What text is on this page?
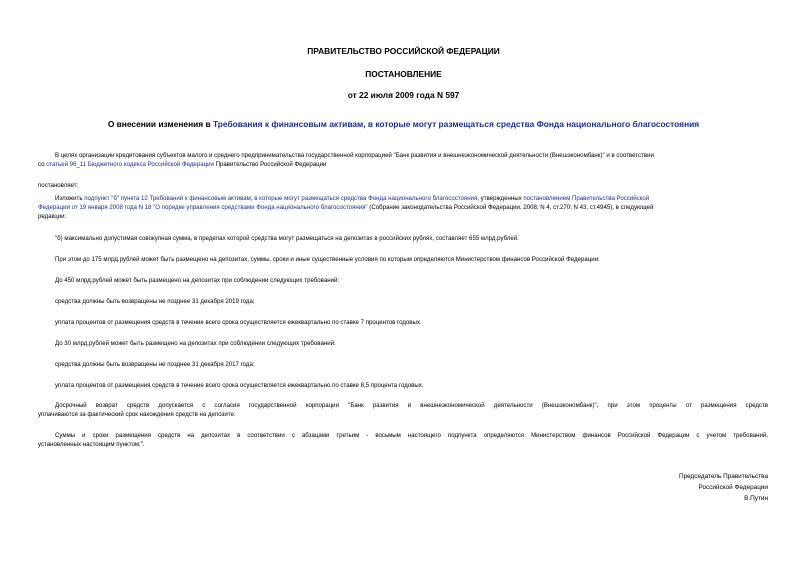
ПРАВИТЕЛЬСТВО РОССИЙСКОЙ ФЕДЕРАЦИИ
ПОСТАНОВЛЕНИЕ
от 22 июля 2009 года N 597
О внесении изменения в Требования к финансовым активам, в которые могут размещаться средства Фонда национального благосостояния
В целях организации кредитования субъектов малого и среднего предпринимательства государственной корпорацией "Банк развития и внешнеэкономической деятельности (Внешэкономбанк)" и в соответствии
со статьей 96_11 Бюджетного кодекса Российской Федерации Правительство Российской Федерации
постановляет:
Изложить подпункт "б" пункта 12 Требований к финансовым активам, в которые могут размещаться средства Фонда национального благосостояния, утвержденных постановлением Правительства Российской
Федерации от 19 января 2008 года N 18 "О порядке управления средствами Фонда национального благосостояния" (Собрание законодательства Российской Федерации, 2008, N 4, ст.270; N 43, ст.4945), в следующей
редакции:
"б) максимально допустимая совокупная сумма, в пределах которой средства могут размещаться на депозитах в российских рублях, составляет 655 млрд.рублей.
При этом до 175 млрд.рублей может быть размещено на депозитах, суммы, сроки и иные существенные условия по которым определяются Министерством финансов Российской Федерации.
До 450 млрд.рублей может быть размещено на депозитах при соблюдении следующих требований:
средства должны быть возвращены не позднее 31 декабря 2019 года;
уплата процентов от размещения средств в течение всего срока осуществляется ежеквартально по ставке 7 процентов годовых.
До 30 млрд.рублей может быть размещено на депозитах при соблюдении следующих требований:
средства должны быть возвращены не позднее 31 декабря 2017 года;
уплата процентов от размещения средств в течение всего срока осуществляется ежеквартально по ставке 8,5 процента годовых.
Досрочный возврат средств допускается с согласия государственной корпорации "Банк развития и внешнеэкономической деятельности (Внешэкономбанк)", при этом проценты от размещения средств
уплачиваются за фактический срок нахождения средств на депозите.
Суммы и сроки размещения средств на депозитах в соответствии с абзацами третьим - восьмым настоящего подпункта определяются Министерством финансов Российской Федерации с учетом требований,
установленных настоящим пунктом;".
Председатель Правительства
Российской Федерации
В.Путин
